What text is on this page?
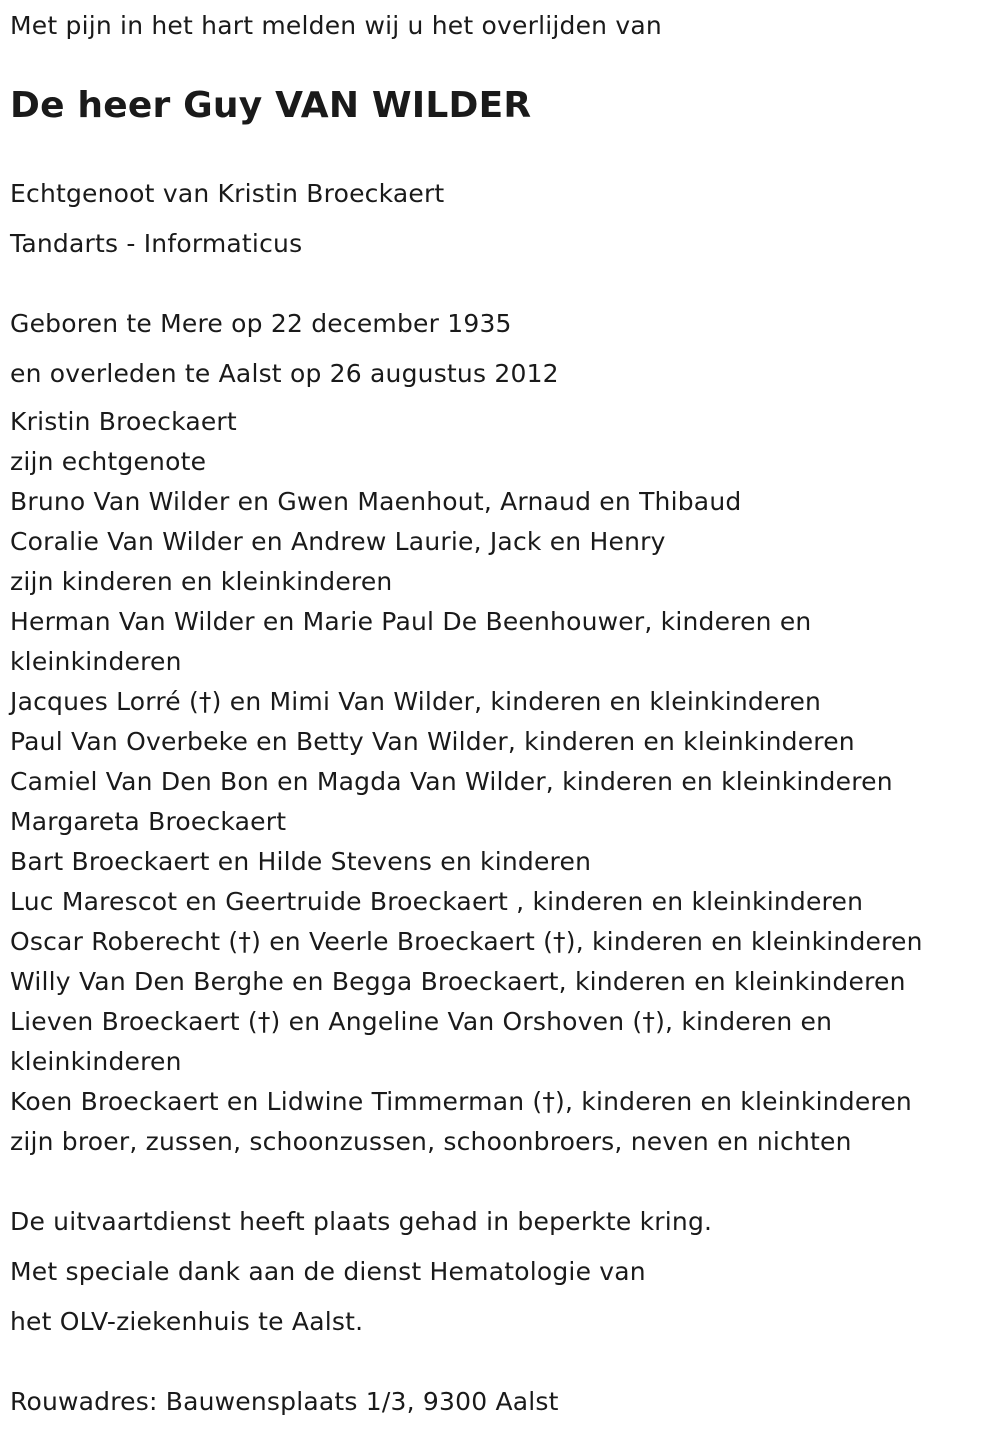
Met pijn in het hart melden wij u het overlijden van
De heer Guy VAN WILDER
Echtgenoot van Kristin Broeckaert
Tandarts - Informaticus
Geboren te Mere op 22 december 1935
en overleden te Aalst op 26 augustus 2012
Kristin Broeckaert
zijn echtgenote
Bruno Van Wilder en Gwen Maenhout, Arnaud en Thibaud
Coralie Van Wilder en Andrew Laurie, Jack en Henry
zijn kinderen en kleinkinderen
Herman Van Wilder en Marie Paul De Beenhouwer, kinderen en kleinkinderen
Jacques Lorré (†) en Mimi Van Wilder, kinderen en kleinkinderen
Paul Van Overbeke en Betty Van Wilder, kinderen en kleinkinderen
Camiel Van Den Bon en Magda Van Wilder, kinderen en kleinkinderen
Margareta Broeckaert
Bart Broeckaert en Hilde Stevens en kinderen
Luc Marescot en Geertruide Broeckaert , kinderen en kleinkinderen
Oscar Roberecht (†) en Veerle Broeckaert (†), kinderen en kleinkinderen
Willy Van Den Berghe en Begga Broeckaert, kinderen en kleinkinderen
Lieven Broeckaert (†) en Angeline Van Orshoven (†), kinderen en kleinkinderen
Koen Broeckaert en Lidwine Timmerman (†), kinderen en kleinkinderen
zijn broer, zussen, schoonzussen, schoonbroers, neven en nichten
De uitvaartdienst heeft plaats gehad in beperkte kring.
Met speciale dank aan de dienst Hematologie van
het OLV-ziekenhuis te Aalst.
Rouwadres: Bauwensplaats 1/3, 9300 Aalst
